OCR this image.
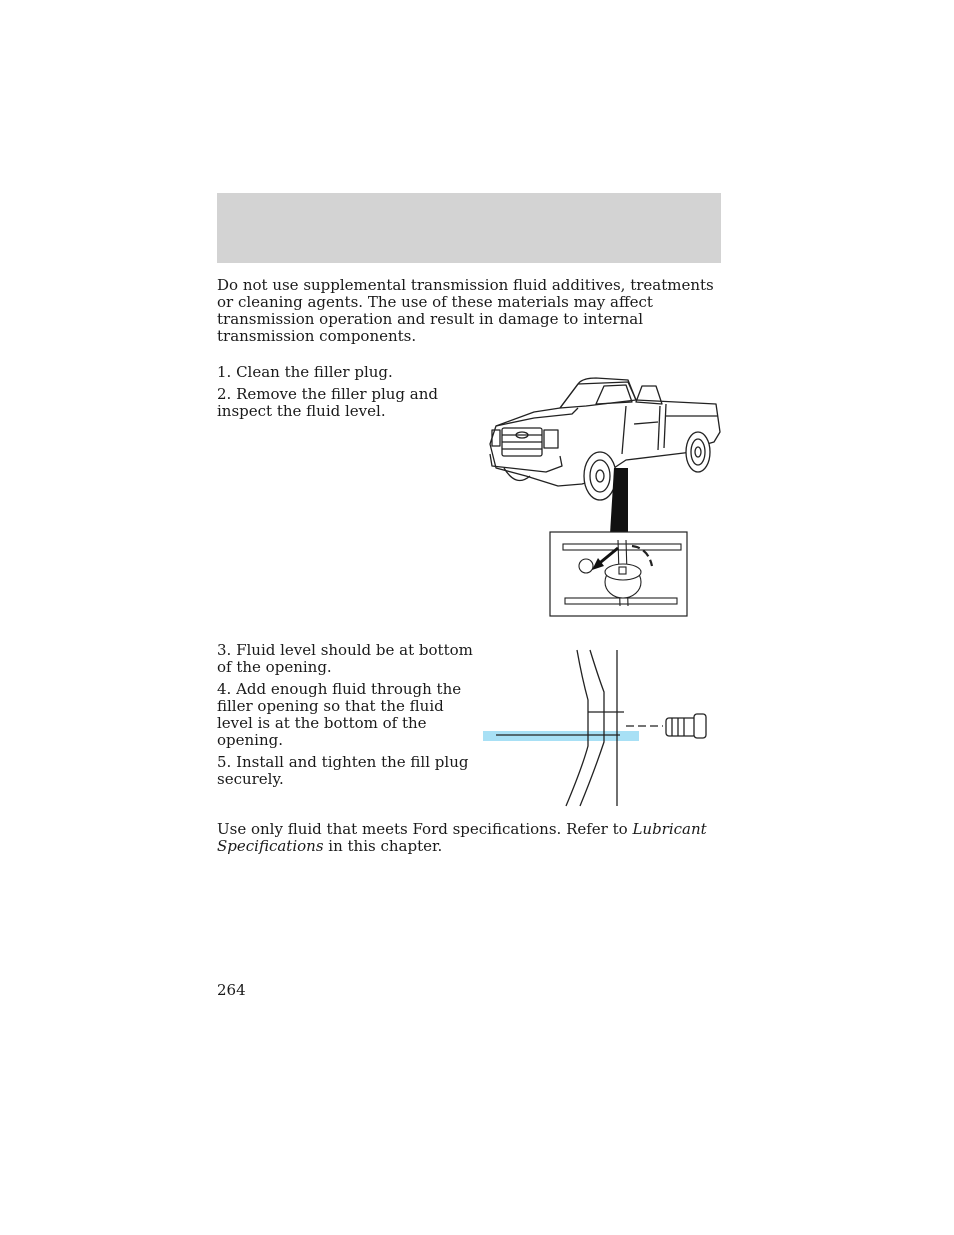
Do not use supplemental transmission fluid additives, treatments or cleaning agents. The use of these materials may affect transmission operation and result in damage to internal transmission components.
1. Clean the filler plug.
2. Remove the filler plug and inspect the fluid level.
3. Fluid level should be at bottom of the opening.
4. Add enough fluid through the filler opening so that the fluid level is at the bottom of the opening.
5. Install and tighten the fill plug securely.
Use only fluid that meets Ford specifications. Refer to Lubricant Specifications in this chapter.
264
